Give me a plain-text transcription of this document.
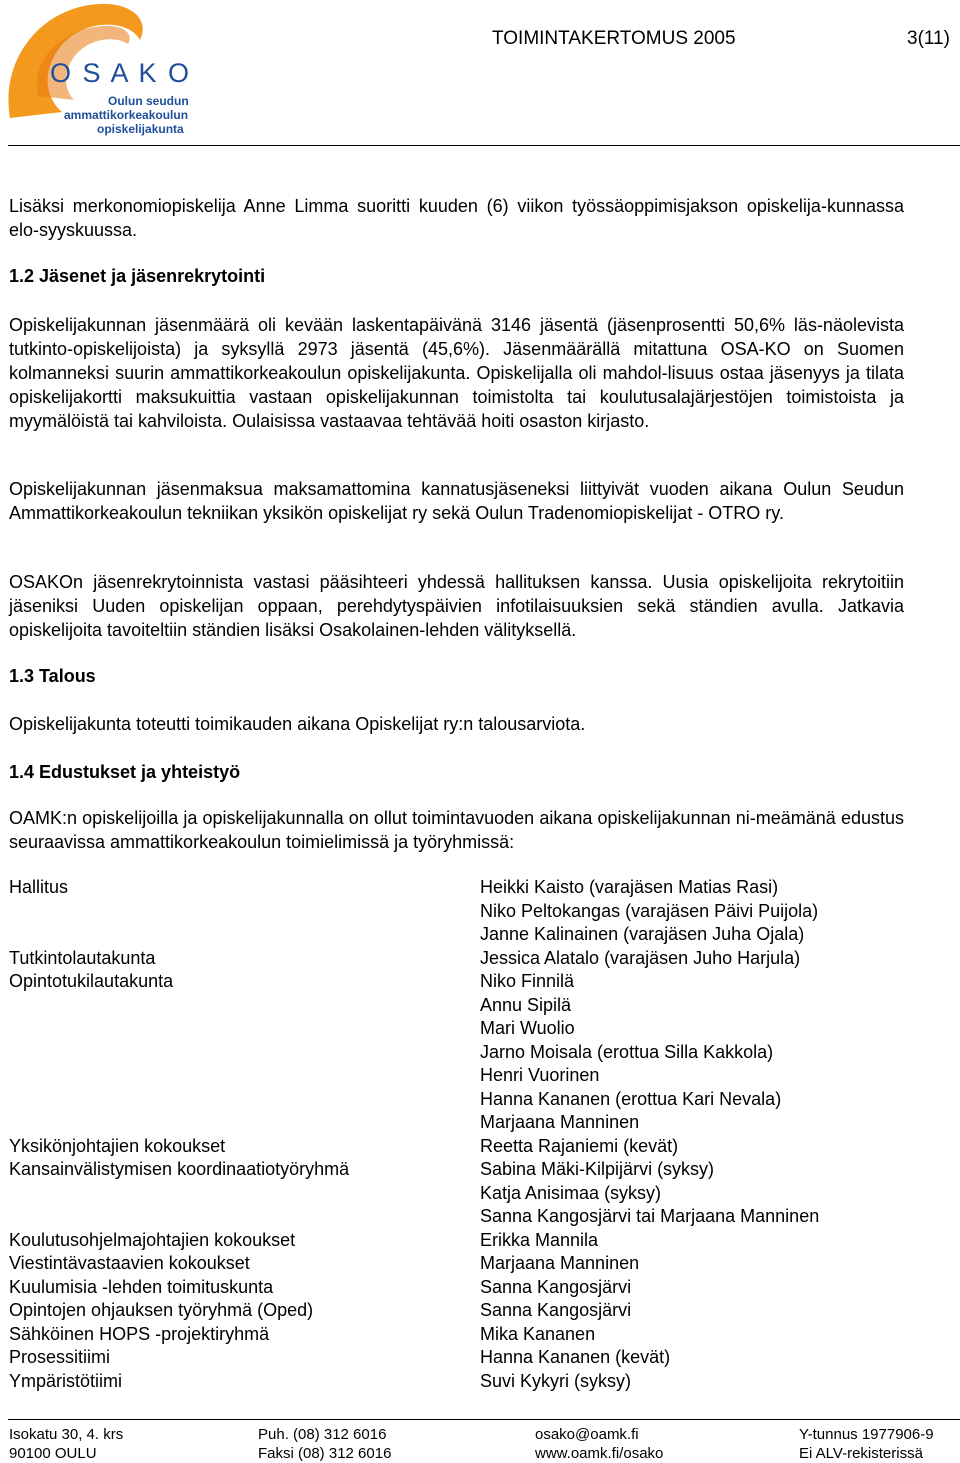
O S A K O
Oulun seudun
ammattikorkeakoulun
opiskelijakunta
TOIMINTAKERTOMUS 2005	3(11)
Lisäksi merkonomiopiskelija Anne Limma suoritti kuuden (6) viikon työssäoppimisjakson opiskelija-kunnassa elo-syyskuussa.
1.2 Jäsenet ja jäsenrekrytointi
Opiskelijakunnan jäsenmäärä oli kevään laskentapäivänä 3146 jäsentä (jäsenprosentti 50,6% läs-näolevista tutkinto-opiskelijoista) ja syksyllä 2973 jäsentä (45,6%). Jäsenmäärällä mitattuna OSA-KO on Suomen kolmanneksi suurin ammattikorkeakoulun opiskelijakunta. Opiskelijalla oli mahdol-lisuus ostaa jäsenyys ja tilata opiskelijakortti maksukuittia vastaan opiskelijakunnan toimistolta tai koulutusalajärjestöjen toimistoista ja myymälöistä tai kahviloista. Oulaisissa vastaavaa tehtävää hoiti osaston kirjasto.
Opiskelijakunnan jäsenmaksua maksamattomina kannatusjäseneksi liittyivät vuoden aikana Oulun Seudun Ammattikorkeakoulun tekniikan yksikön opiskelijat ry sekä Oulun Tradenomiopiskelijat - OTRO ry.
OSAKOn jäsenrekrytoinnista vastasi pääsihteeri yhdessä hallituksen kanssa. Uusia opiskelijoita rekrytoitiin jäseniksi Uuden opiskelijan oppaan, perehdytyspäivien infotilaisuuksien sekä ständien avulla. Jatkavia opiskelijoita tavoiteltiin ständien lisäksi Osakolainen-lehden välityksellä.
1.3 Talous
Opiskelijakunta toteutti toimikauden aikana Opiskelijat ry:n talousarviota.
1.4 Edustukset ja yhteistyö
OAMK:n opiskelijoilla ja opiskelijakunnalla on ollut toimintavuoden aikana opiskelijakunnan ni-meämänä edustus seuraavissa ammattikorkeakoulun toimielimissä ja työryhmissä:
Hallitus
Tutkintolautakunta
Opintotukilautakunta
Yksikönjohtajien kokoukset
Kansainvälistymisen koordinaatiotyöryhmä
Koulutusohjelmajohtajien kokoukset
Viestintävastaavien kokoukset
Kuulumisia -lehden toimituskunta
Opintojen ohjauksen työryhmä (Oped)
Sähköinen HOPS -projektiryhmä
Prosessitiimi
Ympäristötiimi
Heikki Kaisto (varajäsen Matias Rasi)
Niko Peltokangas (varajäsen Päivi Puijola)
Janne Kalinainen (varajäsen Juha Ojala)
Jessica Alatalo (varajäsen Juho Harjula)
Niko Finnilä
Annu Sipilä
Mari Wuolio
Jarno Moisala (erottua Silla Kakkola)
Henri Vuorinen
Hanna Kananen (erottua Kari Nevala)
Marjaana Manninen
Reetta Rajaniemi (kevät)
Sabina Mäki-Kilpijärvi (syksy)
Katja Anisimaa (syksy)
Sanna Kangosjärvi tai Marjaana Manninen
Erikka Mannila
Marjaana Manninen
Sanna Kangosjärvi
Sanna Kangosjärvi
Mika Kananen
Hanna Kananen (kevät)
Suvi Kykyri (syksy)
Isokatu 30, 4. krs
90100 OULU
Puh. (08) 312 6016
Faksi (08) 312 6016
osako@oamk.fi
www.oamk.fi/osako
Y-tunnus 1977906-9
Ei ALV-rekisterissä
